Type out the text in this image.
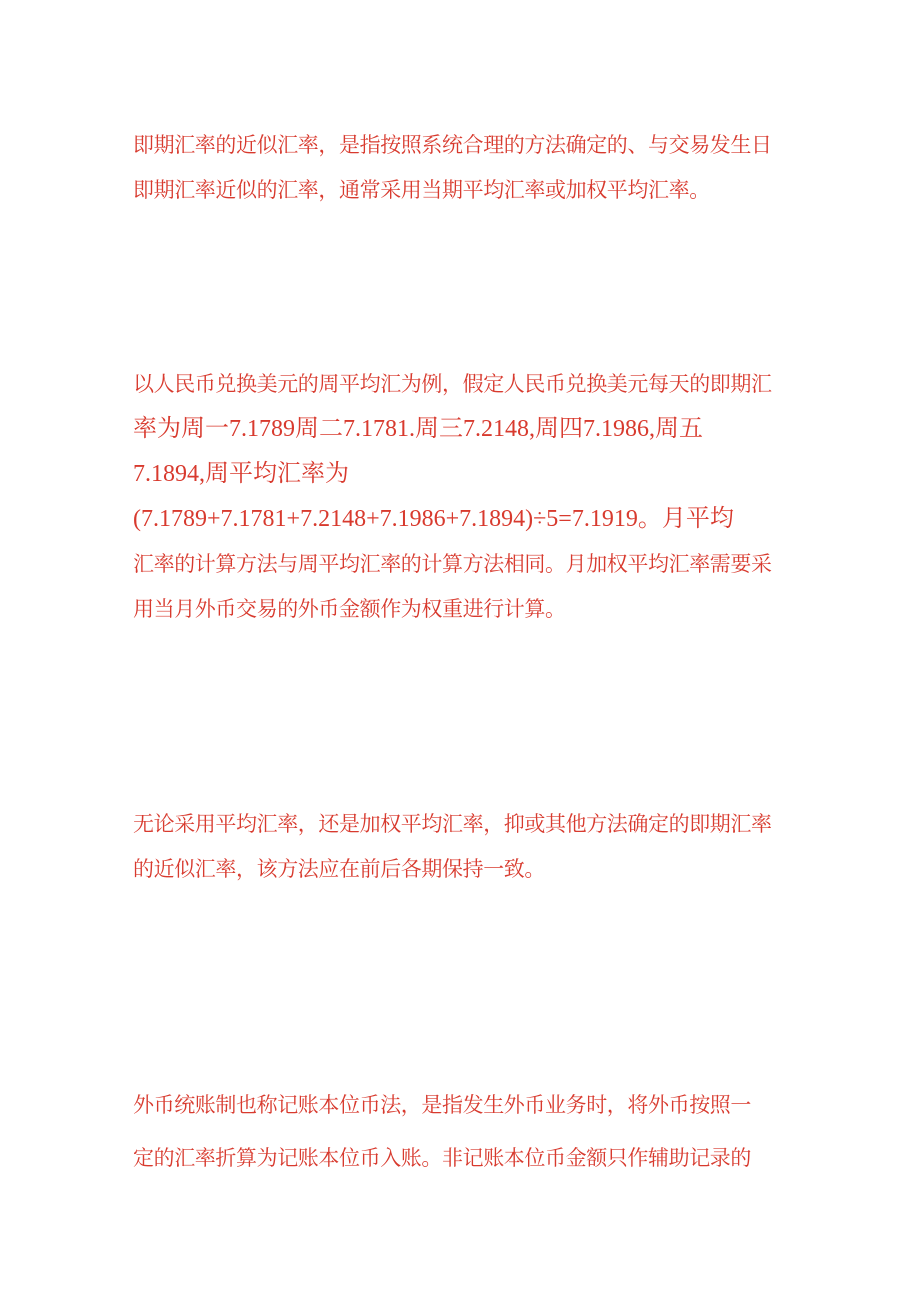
即期汇率的近似汇率，是指按照系统合理的方法确定的、与交易发生日
即期汇率近似的汇率，通常采用当期平均汇率或加权平均汇率。
以人民币兑换美元的周平均汇为例，假定人民币兑换美元每天的即期汇
率为周一7.1789周二7.1781.周三7.2148,周四7.1986,周五
7.1894,周平均汇率为
(7.1789+7.1781+7.2148+7.1986+7.1894)÷5=7.1919。月平均
汇率的计算方法与周平均汇率的计算方法相同。月加权平均汇率需要采
用当月外币交易的外币金额作为权重进行计算。
无论采用平均汇率，还是加权平均汇率，抑或其他方法确定的即期汇率
的近似汇率，该方法应在前后各期保持一致。
外币统账制也称记账本位币法，是指发生外币业务时，将外币按照一
定的汇率折算为记账本位币入账。非记账本位币金额只作辅助记录的
